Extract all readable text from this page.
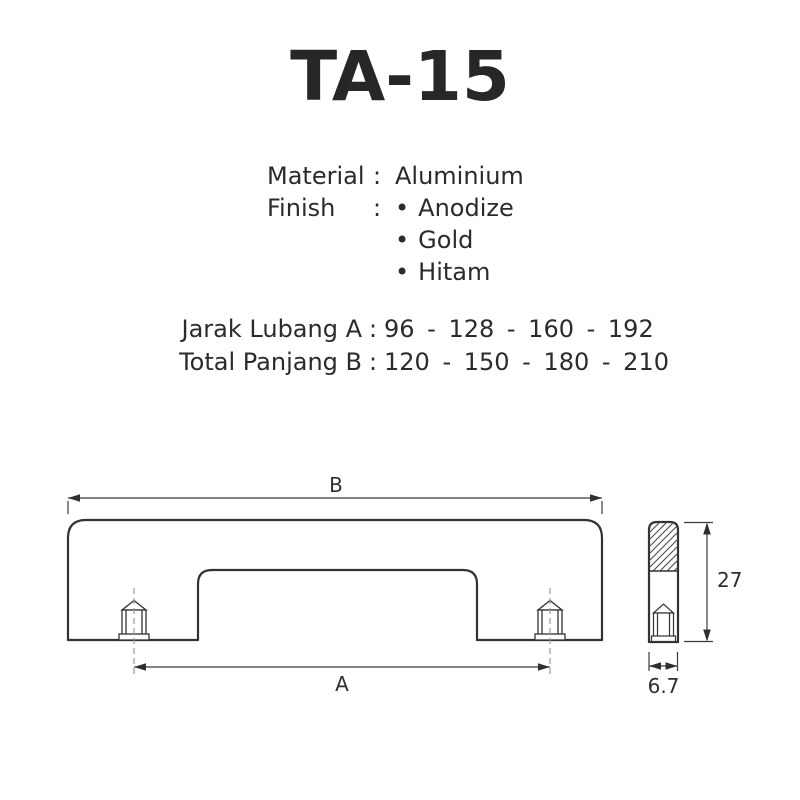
TA-15
Material : Aluminium
Finish	: • Anodize
• Gold
• Hitam
Jarak Lubang A : 96 - 128 - 160 - 192
Total Panjang B : 120 - 150 - 180 - 210
B
A
27
6.7
